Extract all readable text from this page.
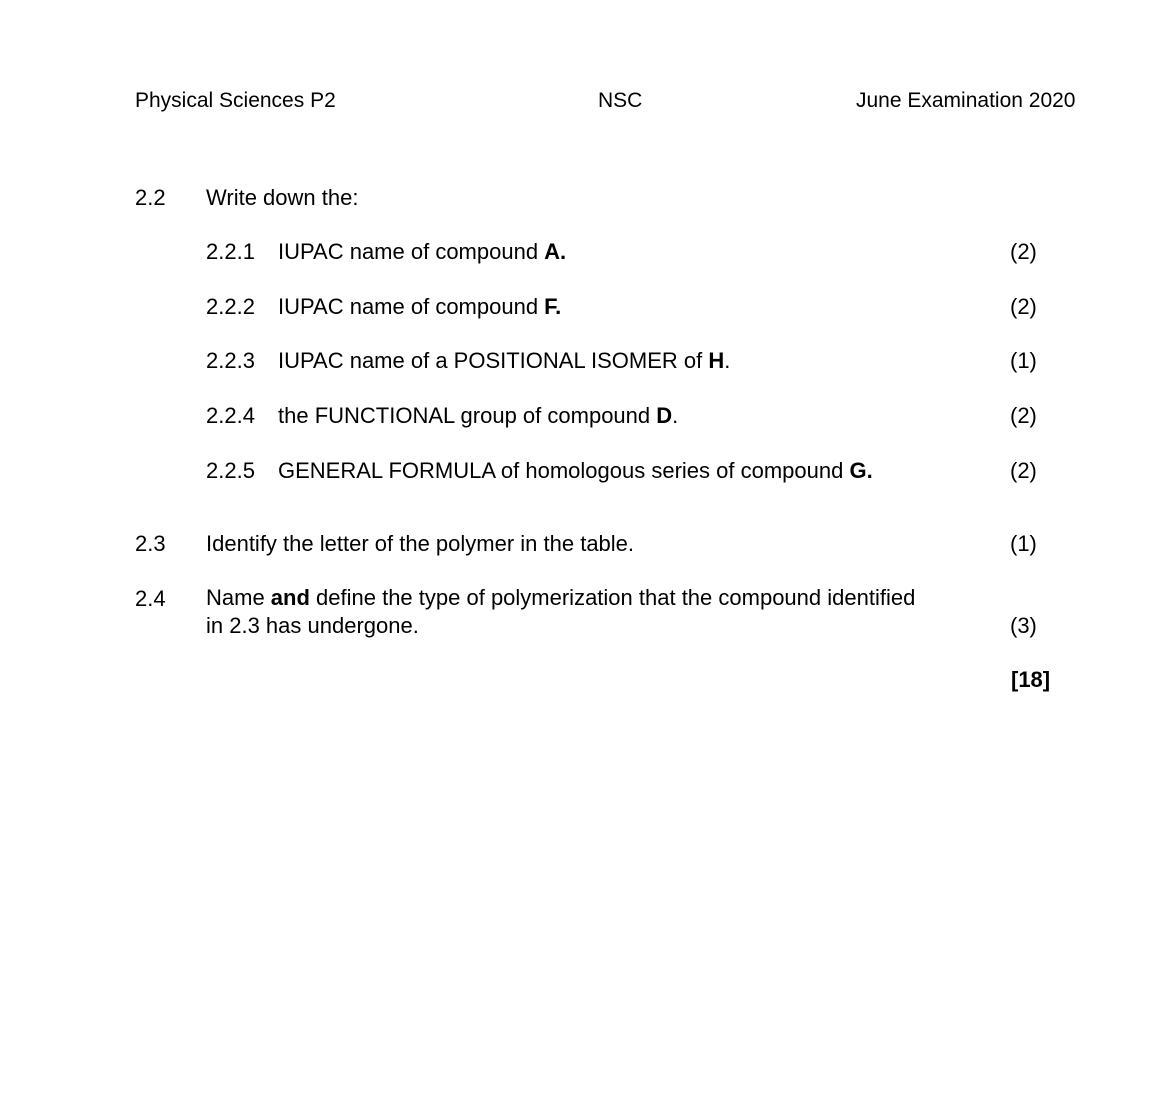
Physical Sciences P2	NSC	June Examination 2020
2.2 Write down the:
2.2.1 IUPAC name of compound A.	(2)
2.2.2 IUPAC name of compound F.	(2)
2.2.3 IUPAC name of a POSITIONAL ISOMER of H.	(1)
2.2.4 the FUNCTIONAL group of compound D.	(2)
2.2.5 GENERAL FORMULA of homologous series of compound G.	(2)
2.3 Identify the letter of the polymer in the table.	(1)
2.4 Name and define the type of polymerization that the compound identified
in 2.3 has undergone.	(3)
[18]
